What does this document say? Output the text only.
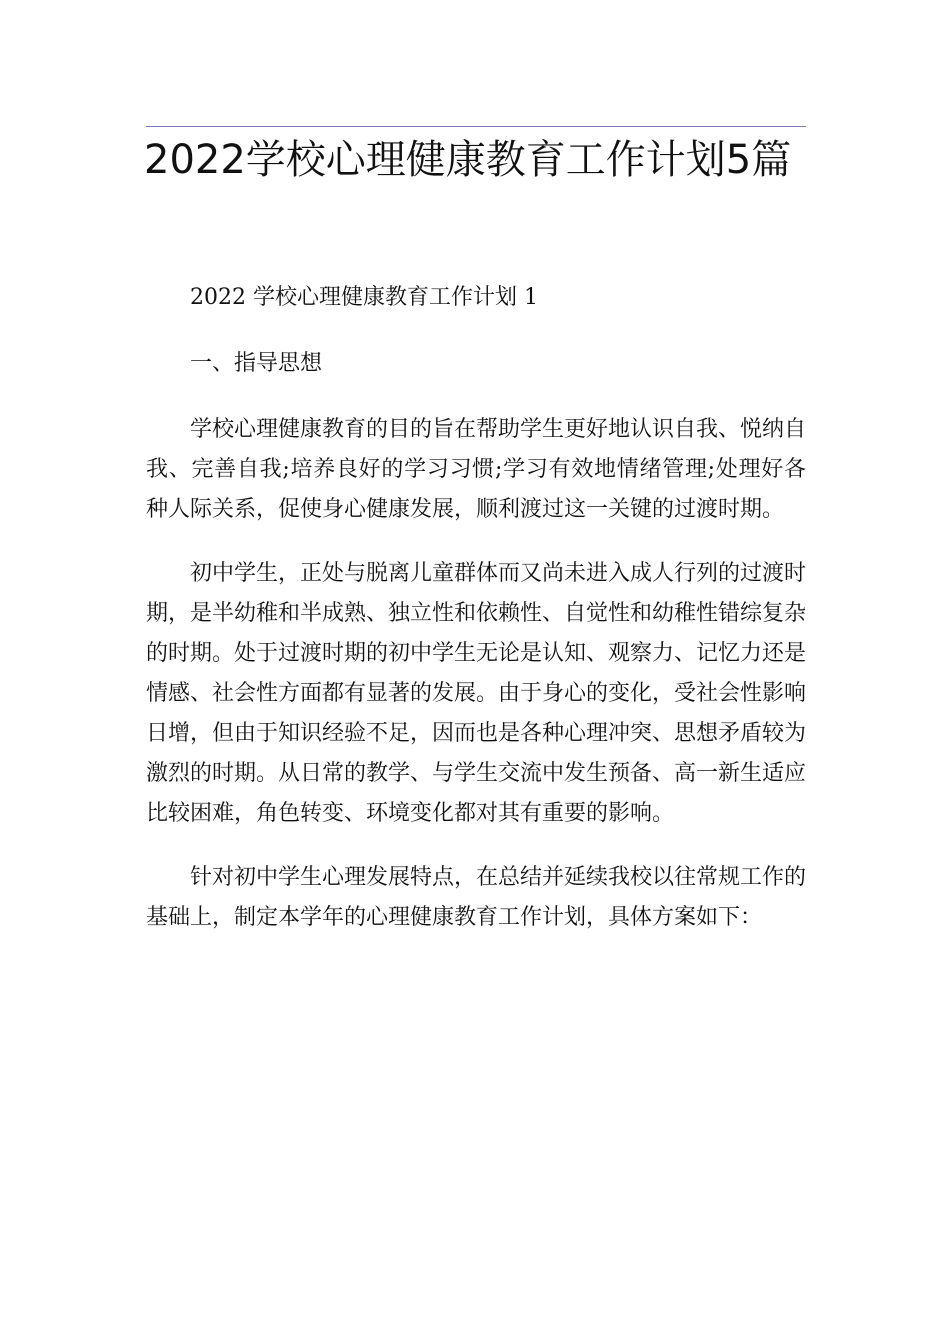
2022学校心理健康教育工作计划5篇

2022 学校心理健康教育工作计划 1

一、指导思想

学校心理健康教育的目的旨在帮助学生更好地认识自我、悦纳自我、完善自我;培养良好的学习习惯;学习有效地情绪管理;处理好各种人际关系，促使身心健康发展，顺利渡过这一关键的过渡时期。

初中学生，正处与脱离儿童群体而又尚未进入成人行列的过渡时期，是半幼稚和半成熟、独立性和依赖性、自觉性和幼稚性错综复杂的时期。处于过渡时期的初中学生无论是认知、观察力、记忆力还是情感、社会性方面都有显著的发展。由于身心的变化，受社会性影响日增，但由于知识经验不足，因而也是各种心理冲突、思想矛盾较为激烈的时期。从日常的教学、与学生交流中发生预备、高一新生适应比较困难，角色转变、环境变化都对其有重要的影响。

针对初中学生心理发展特点，在总结并延续我校以往常规工作的基础上，制定本学年的心理健康教育工作计划，具体方案如下：
